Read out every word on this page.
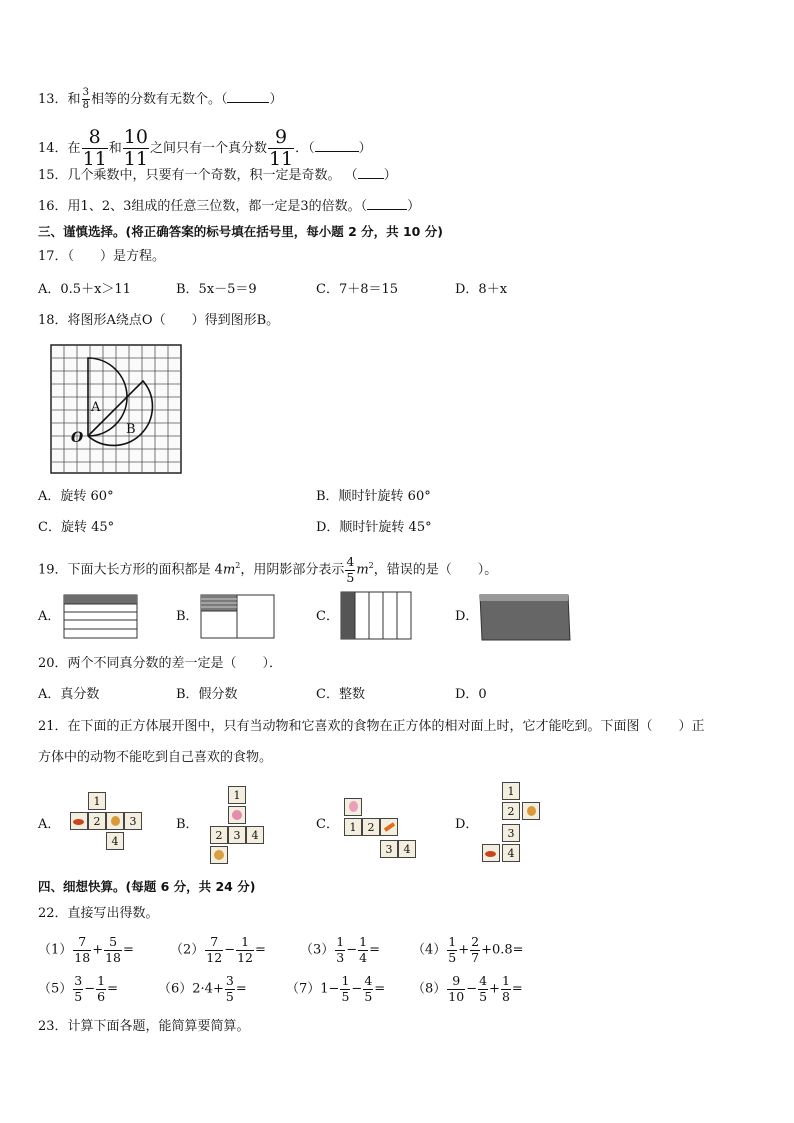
13．和 $\frac{3}{8}$ 相等的分数有无数个。（	）
14．在 $\frac{8}{11}$ 和 $\frac{10}{11}$ 之间只有一个真分数 $\frac{9}{11}$ ．（	）
15．几个乘数中，只要有一个奇数，积一定是奇数。 （ ）
16．用1、2、3组成的任意三位数，都一定是3的倍数。（	）
三、谨慎选择。(将正确答案的标号填在括号里，每小题 2 分，共 10 分)
17．（　　）是方程。
A．0.5＋x＞11	B．5x－5＝9	C．7＋8＝15	D．8＋x
18．将图形A绕点O（　　）得到图形B。
A
B
O
A．旋转 60°	B．顺时针旋转 60°
C．旋转 45°	D．顺时针旋转 45°
19．下面大长方形的面积都是 $4m^2$，用阴影部分表示 $\frac{4}{5} m^2$，错误的是（　　）。
A．	B．	C．	D．
20．两个不同真分数的差一定是（　　）．
A．真分数	B．假分数	C．整数	D．0
21．在下面的正方体展开图中，只有当动物和它喜欢的食物在正方体的相对面上时，它才能吃到。下面图（　　）正
方体中的动物不能吃到自己喜欢的食物。
A．
1
2	3
4
B．
1
2	3	4
C． 1	2
3	4
D．
1
2
3
4
四、细想快算。(每题 6 分，共 24 分)
22．直接写出得数。
$(1) \frac{7}{18} + \frac{5}{18}$ =	$(2) \frac{7}{12} - \frac{1}{12}$ =	$(3) \frac{1}{3} - \frac{1}{4} = (4) \frac{1}{5} + \frac{2}{7} +0.8=$
$(5) \frac{3}{5} - \frac{1}{6}$ =	$(6)2\cdot 4+ \frac{3}{5}$ =	$(7)1- \frac{1}{5} - \frac{4}{5} = (8) \frac{9}{10} - \frac{4}{5} + \frac{1}{8}$ =
23．计算下面各题，能简算要简算。
